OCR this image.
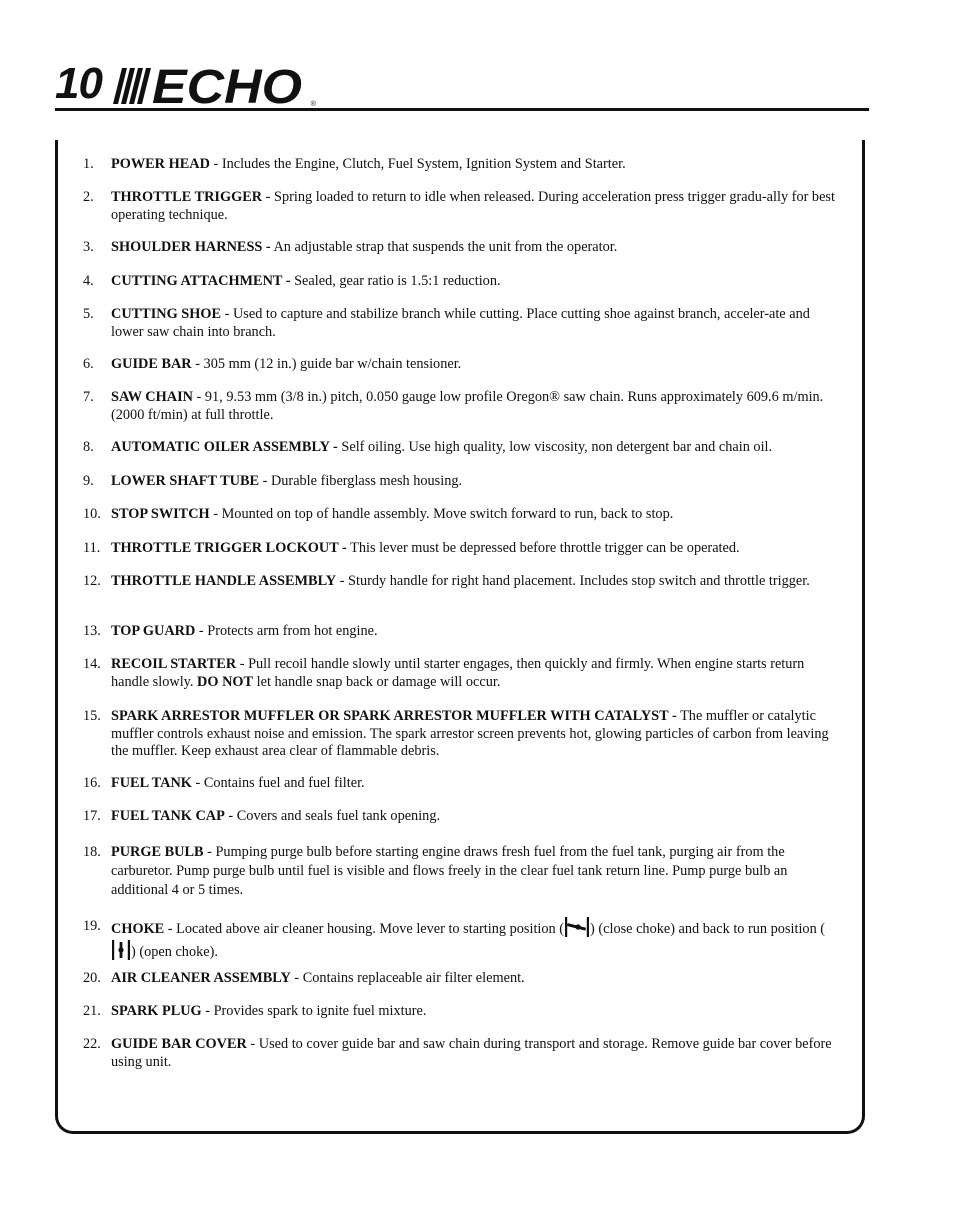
10 ECHO ®
1.	POWER HEAD - Includes the Engine, Clutch, Fuel System, Ignition System and Starter.
2.	THROTTLE TRIGGER - Spring loaded to return to idle when released. During acceleration press trigger gradu-ally for best operating technique.
3.	SHOULDER HARNESS - An adjustable strap that suspends the unit from the operator.
4.	CUTTING ATTACHMENT - Sealed, gear ratio is 1.5:1 reduction.
5.	CUTTING SHOE - Used to capture and stabilize branch while cutting. Place cutting shoe against branch, acceler-ate and lower saw chain into branch.
6.	GUIDE BAR - 305 mm (12 in.) guide bar w/chain tensioner.
7.	SAW CHAIN - 91, 9.53 mm (3/8 in.) pitch, 0.050 gauge low profile Oregon® saw chain. Runs approximately 609.6 m/min. (2000 ft/min) at full throttle.
8.	AUTOMATIC OILER ASSEMBLY - Self oiling. Use high quality, low viscosity, non detergent bar and chain oil.
9.	LOWER SHAFT TUBE - Durable fiberglass mesh housing.
10. STOP SWITCH - Mounted on top of handle assembly. Move switch forward to run, back to stop.
11. THROTTLE TRIGGER LOCKOUT - This lever must be depressed before throttle trigger can be operated.
12. THROTTLE HANDLE ASSEMBLY - Sturdy handle for right hand placement. Includes stop switch and throttle trigger.
13. TOP GUARD - Protects arm from hot engine.
14. RECOIL STARTER - Pull recoil handle slowly until starter engages, then quickly and firmly. When engine starts return handle slowly. DO NOT let handle snap back or damage will occur.
15. SPARK ARRESTOR MUFFLER OR SPARK ARRESTOR MUFFLER WITH CATALYST - The muffler or catalytic muffler controls exhaust noise and emission. The spark arrestor screen prevents hot, glowing particles of carbon from leaving the muffler. Keep exhaust area clear of flammable debris.
16. FUEL TANK - Contains fuel and fuel filter.
17. FUEL TANK CAP - Covers and seals fuel tank opening.
18. PURGE BULB - Pumping purge bulb before starting engine draws fresh fuel from the fuel tank, purging air from the carburetor. Pump purge bulb until fuel is visible and flows freely in the clear fuel tank return line. Pump purge bulb an additional 4 or 5 times.
19. CHOKE - Located above air cleaner housing. Move lever to starting position ( ) (close choke) and back to run position () (open choke).
20. AIR CLEANER ASSEMBLY - Contains replaceable air filter element.
21. SPARK PLUG - Provides spark to ignite fuel mixture.
22. GUIDE BAR COVER - Used to cover guide bar and saw chain during transport and storage. Remove guide bar cover before using unit.
